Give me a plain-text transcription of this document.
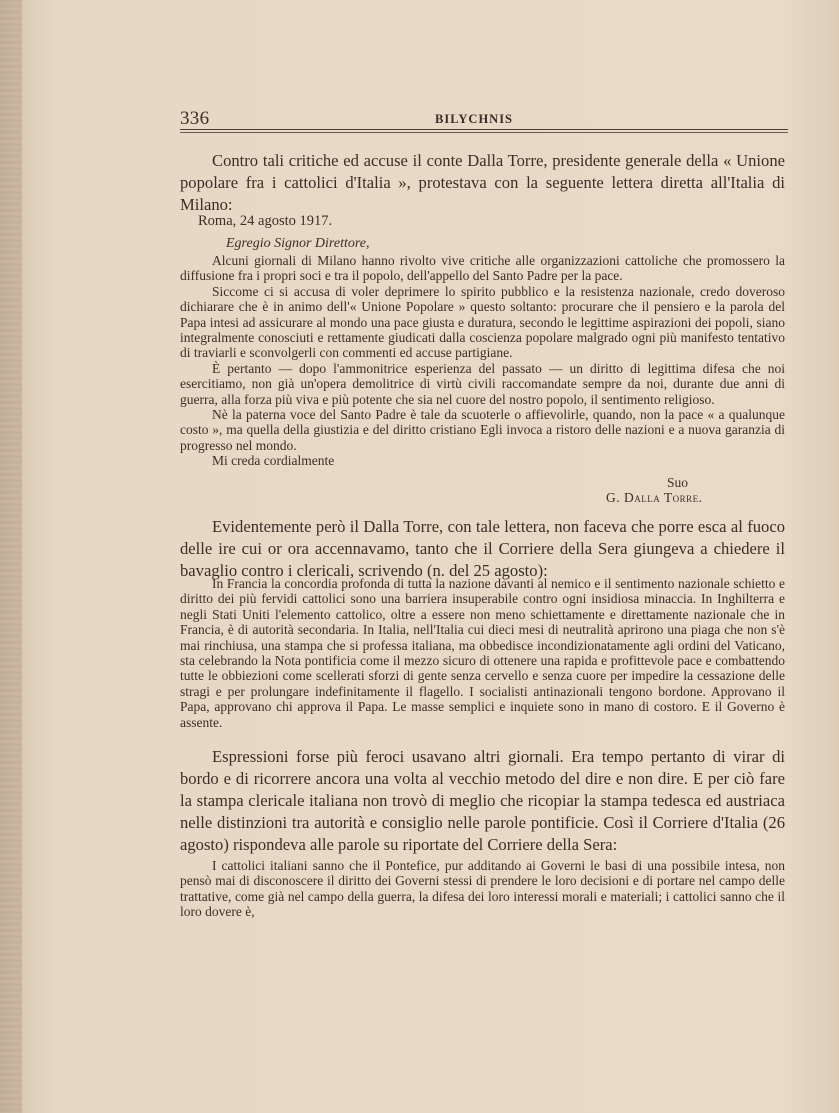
336	BILYCHNIS

Contro tali critiche ed accuse il conte Dalla Torre, presidente generale della « Unione popolare fra i cattolici d'Italia », protestava con la seguente lettera diretta all'Italia di Milano:

Roma, 24 agosto 1917.
Egregio Signor Direttore,

Alcuni giornali di Milano hanno rivolto vive critiche alle organizzazioni cattoliche che promossero la diffusione fra i propri soci e tra il popolo, dell'appello del Santo Padre per la pace.

Siccome ci si accusa di voler deprimere lo spirito pubblico e la resistenza nazionale, credo doveroso dichiarare che è in animo dell'« Unione Popolare » questo soltanto: procurare che il pensiero e la parola del Papa intesi ad assicurare al mondo una pace giusta e duratura, secondo le legittime aspirazioni dei popoli, siano integralmente conosciuti e rettamente giudicati dalla coscienza popolare malgrado ogni più manifesto tentativo di traviarli e sconvolgerli con commenti ed accuse partigiane.

È pertanto — dopo l'ammonitrice esperienza del passato — un diritto di legittima difesa che noi esercitiamo, non già un'opera demolitrice di virtù civili raccomandate sempre da noi, durante due anni di guerra, alla forza più viva e più potente che sia nel cuore del nostro popolo, il sentimento religioso.

Nè la paterna voce del Santo Padre è tale da scuoterle o affievolirle, quando, non la pace « a qualunque costo », ma quella della giustizia e del diritto cristiano Egli invoca a ristoro delle nazioni e a nuova garanzia di progresso nel mondo.

Mi creda cordialmente

Suo
G. Dalla Torre.

Evidentemente però il Dalla Torre, con tale lettera, non faceva che porre esca al fuoco delle ire cui or ora accennavamo, tanto che il Corriere della Sera giungeva a chiedere il bavaglio contro i clericali, scrivendo (n. del 25 agosto):

In Francia la concordia profonda di tutta la nazione davanti al nemico e il sentimento nazionale schietto e diritto dei più fervidi cattolici sono una barriera insuperabile contro ogni insidiosa minaccia. In Inghilterra e negli Stati Uniti l'elemento cattolico, oltre a essere non meno schiettamente e direttamente nazionale che in Francia, è di autorità secondaria. In Italia, nell'Italia cui dieci mesi di neutralità aprirono una piaga che non s'è mai rinchiusa, una stampa che si professa italiana, ma obbedisce incondizionatamente agli ordini del Vaticano, sta celebrando la Nota pontificia come il mezzo sicuro di ottenere una rapida e profittevole pace e combattendo tutte le obbiezioni come scellerati sforzi di gente senza cervello e senza cuore per impedire la cessazione delle stragi e per prolungare indefinitamente il flagello. I socialisti antinazionali tengono bordone. Approvano il Papa, approvano chi approva il Papa. Le masse semplici e inquiete sono in mano di costoro. E il Governo è assente.

Espressioni forse più feroci usavano altri giornali. Era tempo pertanto di virar di bordo e di ricorrere ancora una volta al vecchio metodo del dire e non dire. E per ciò fare la stampa clericale italiana non trovò di meglio che ricopiar la stampa tedesca ed austriaca nelle distinzioni tra autorità e consiglio nelle parole pontificie. Così il Corriere d'Italia (26 agosto) rispondeva alle parole su riportate del Corriere della Sera:

I cattolici italiani sanno che il Pontefice, pur additando ai Governi le basi di una possibile intesa, non pensò mai di disconoscere il diritto dei Governi stessi di prendere le loro decisioni e di portare nel campo delle trattative, come già nel campo della guerra, la difesa dei loro interessi morali e materiali; i cattolici sanno che il loro dovere è,
